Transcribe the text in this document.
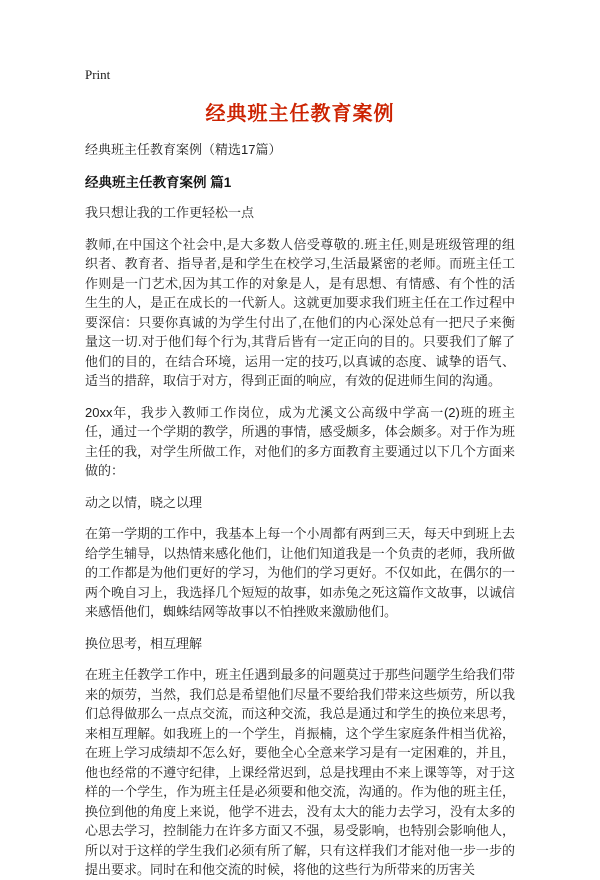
Print
经典班主任教育案例

经典班主任教育案例（精选17篇）

经典班主任教育案例 篇1

我只想让我的工作更轻松一点

教师,在中国这个社会中,是大多数人倍受尊敬的.班主任,则是班级管理的组织者、教育者、指导者,是和学生在校学习,生活最紧密的老师。而班主任工作则是一门艺术,因为其工作的对象是人，是有思想、有情感、有个性的活生生的人，是正在成长的一代新人。这就更加要求我们班主任在工作过程中要深信：只要你真诚的为学生付出了,在他们的内心深处总有一把尺子来衡量这一切.对于他们每个行为,其背后皆有一定正向的目的。只要我们了解了他们的目的，在结合环境，运用一定的技巧,以真诚的态度、诚挚的语气、适当的措辞，取信于对方，得到正面的响应，有效的促进师生间的沟通。

20xx年，我步入教师工作岗位，成为尤溪文公高级中学高一(2)班的班主任，通过一个学期的教学，所遇的事情，感受颇多，体会颇多。对于作为班主任的我，对学生所做工作，对他们的多方面教育主要通过以下几个方面来做的：

动之以情，晓之以理

在第一学期的工作中，我基本上每一个小周都有两到三天，每天中到班上去给学生辅导，以热情来感化他们，让他们知道我是一个负责的老师，我所做的工作都是为他们更好的学习，为他们的学习更好。不仅如此，在偶尔的一两个晚自习上，我选择几个短短的故事，如赤兔之死这篇作文故事，以诚信来感悟他们，蜘蛛结网等故事以不怕挫败来激励他们。

换位思考，相互理解

在班主任教学工作中，班主任遇到最多的问题莫过于那些问题学生给我们带来的烦劳，当然，我们总是希望他们尽量不要给我们带来这些烦劳，所以我们总得做那么一点点交流，而这种交流，我总是通过和学生的换位来思考，来相互理解。如我班上的一个学生，肖振楠，这个学生家庭条件相当优裕，在班上学习成绩却不怎么好，要他全心全意来学习是有一定困难的，并且，他也经常的不遵守纪律，上课经常迟到，总是找理由不来上课等等，对于这样的一个学生，作为班主任是必须要和他交流，沟通的。作为他的班主任，换位到他的角度上来说，他学不进去，没有太大的能力去学习，没有太多的心思去学习，控制能力在许多方面又不强，易受影响，也特别会影响他人，所以对于这样的学生我们必须有所了解，只有这样我们才能对他一步一步的提出要求。同时在和他交流的时候，将他的这些行为所带来的历害关
